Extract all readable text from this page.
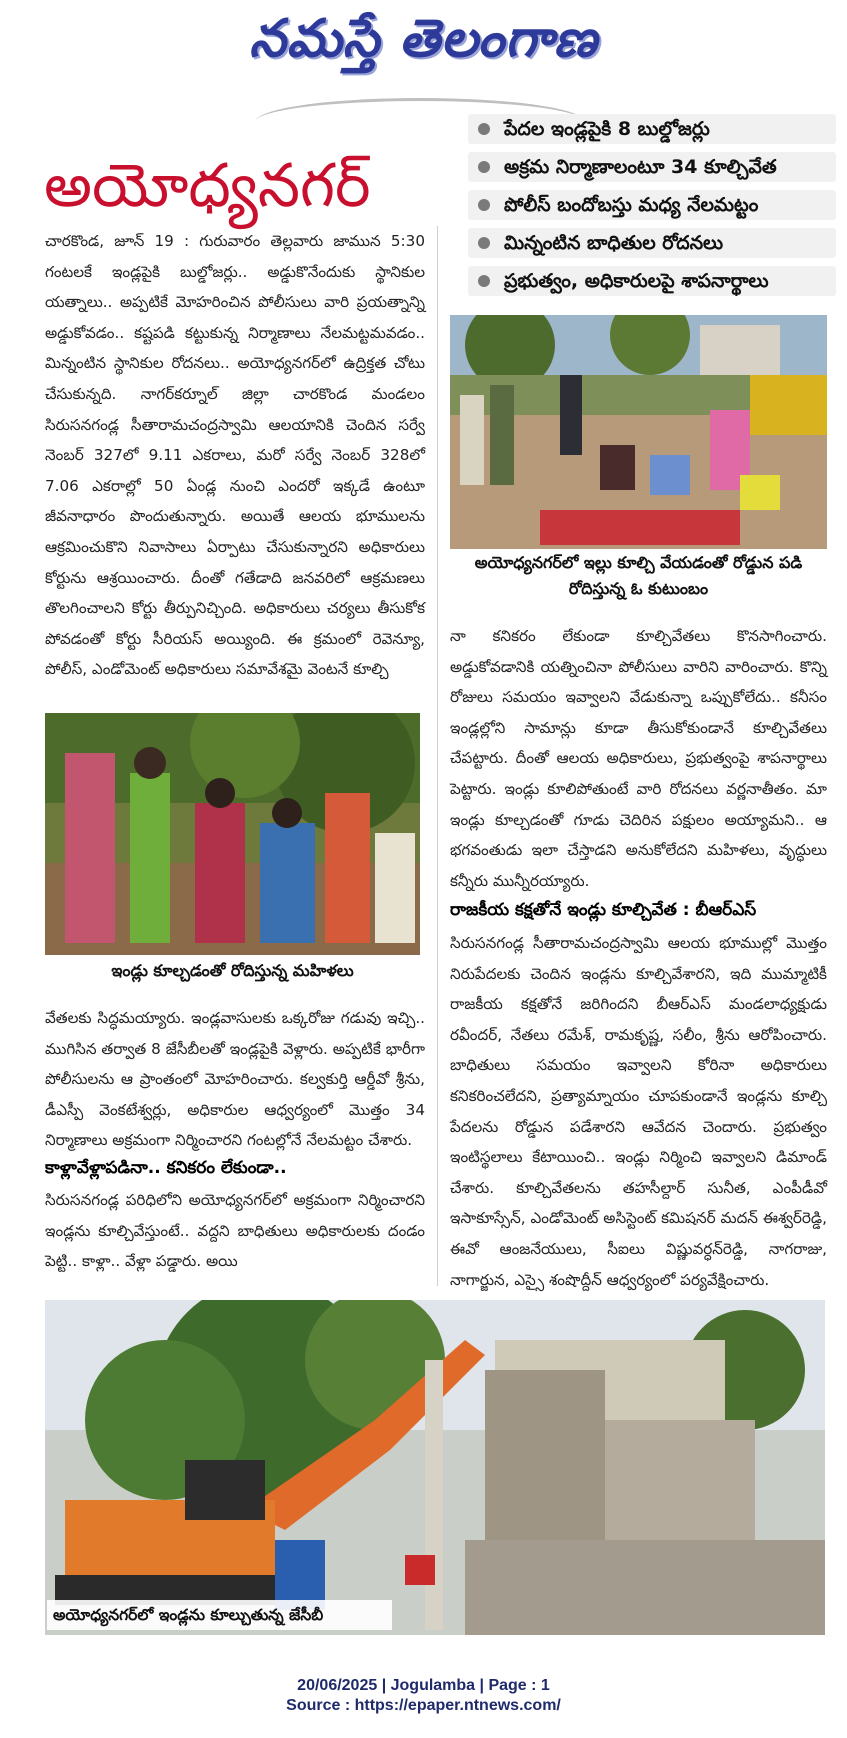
నమస్తే తెలంగాణ
అయోధ్యనగర్
పేదల ఇండ్లపైకి 8 బుల్డోజర్లు
అక్రమ నిర్మాణాలంటూ 34 కూల్చివేత
పోలీస్ బందోబస్తు మధ్య నేలమట్టం
మిన్నంటిన బాధితుల రోదనలు
ప్రభుత్వం, అధికారులపై శాపనార్థాలు

చారకొండ, జూన్ 19 : గురువారం తెల్లవారు జామున 5:30 గంటలకే ఇండ్లపైకి బుల్డోజర్లు.. అడ్డుకొనేందుకు స్థానికుల యత్నాలు.. అప్పటికే మోహరించిన పోలీసులు వారి ప్రయత్నాన్ని అడ్డుకోవడం.. కష్టపడి కట్టుకున్న నిర్మాణాలు నేలమట్టమవడం.. మిన్నంటిన స్థానికుల రోదనలు.. అయోధ్యనగర్‌లో ఉద్రిక్తత చోటు చేసుకున్నది. నాగర్‌కర్నూల్ జిల్లా చారకొండ మండలం సిరుసనగండ్ల సీతారామచంద్రస్వామి ఆలయానికి చెందిన సర్వే నెంబర్ 327లో 9.11 ఎకరాలు, మరో సర్వే నెంబర్ 328లో 7.06 ఎకరాల్లో 50 ఏండ్ల నుంచి ఎందరో ఇక్కడే ఉంటూ జీవనాధారం పొందుతున్నారు. అయితే ఆలయ భూములను ఆక్రమించుకొని నివాసాలు ఏర్పాటు చేసుకున్నారని అధికారులు కోర్టును ఆశ్రయించారు. దీంతో గతేడాది జనవరిలో ఆక్రమణలు తొలగించాలని కోర్టు తీర్పునిచ్చింది. అధికారులు చర్యలు తీసుకోక పోవడంతో కోర్టు సీరియస్ అయ్యింది. ఈ క్రమంలో రెవెన్యూ, పోలీస్, ఎండోమెంట్ అధికారులు సమావేశమై వెంటనే కూల్చి

ఇండ్లు కూల్చడంతో రోదిస్తున్న మహిళలు

వేతలకు సిద్ధమయ్యారు. ఇండ్లవాసులకు ఒక్కరోజు గడువు ఇచ్చి.. ముగిసిన తర్వాత 8 జేసీబీలతో ఇండ్లపైకి వెళ్లారు. అప్పటికే భారీగా పోలీసులను ఆ ప్రాంతంలో మోహరించారు. కల్వకుర్తి ఆర్డీవో శ్రీను, డీఎస్పీ వెంకటేశ్వర్లు, అధికారుల ఆధ్వర్యంలో మొత్తం 34 నిర్మాణాలు అక్రమంగా నిర్మించారని గంటల్లోనే నేలమట్టం చేశారు.

కాళ్లావేళ్లాపడినా.. కనికరం లేకుండా..

సిరుసనగండ్ల పరిధిలోని అయోధ్యనగర్‌లో అక్రమంగా నిర్మించారని ఇండ్లను కూల్చివేస్తుంటే.. వద్దని బాధితులు అధికారులకు దండం పెట్టి.. కాళ్లా.. వేళ్లా పడ్డారు. అయి

అయోధ్యనగర్‌లో ఇల్లు కూల్చి వేయడంతో రోడ్డున పడి రోదిస్తున్న ఓ కుటుంబం

నా కనికరం లేకుండా కూల్చివేతలు కొనసాగించారు. అడ్డుకోవడానికి యత్నించినా పోలీసులు వారిని వారించారు. కొన్ని రోజులు సమయం ఇవ్వాలని వేడుకున్నా ఒప్పుకోలేదు.. కనీసం ఇండ్లల్లోని సామాన్లు కూడా తీసుకోకుండానే కూల్చివేతలు చేపట్టారు. దీంతో ఆలయ అధికారులు, ప్రభుత్వంపై శాపనార్థాలు పెట్టారు. ఇండ్లు కూలిపోతుంటే వారి రోదనలు వర్ణనాతీతం. మా ఇండ్లు కూల్చడంతో గూడు చెదిరిన పక్షులం అయ్యామని.. ఆ భగవంతుడు ఇలా చేస్తాడని అనుకోలేదని మహిళలు, వృద్ధులు కన్నీరు మున్నీరయ్యారు.

రాజకీయ కక్షతోనే ఇండ్లు కూల్చివేత : బీఆర్‌ఎస్

సిరుసనగండ్ల సీతారామచంద్రస్వామి ఆలయ భూముల్లో మొత్తం నిరుపేదలకు చెందిన ఇండ్లను కూల్చివేశారని, ఇది ముమ్మాటికీ రాజకీయ కక్షతోనే జరిగిందని బీఆర్‌ఎస్ మండలాధ్యక్షుడు రవీందర్, నేతలు రమేశ్, రామకృష్ణ, సలీం, శ్రీను ఆరోపించారు. బాధితులు సమయం ఇవ్వాలని కోరినా అధికారులు కనికరించలేదని, ప్రత్యామ్నాయం చూపకుండానే ఇండ్లను కూల్చి పేదలను రోడ్డున పడేశారని ఆవేదన చెందారు. ప్రభుత్వం ఇంటిస్థలాలు కేటాయించి.. ఇండ్లు నిర్మించి ఇవ్వాలని డిమాండ్ చేశారు. కూల్చివేతలను తహసీల్దార్ సునీత, ఎంపీడీవో ఇసాకూస్సేన్, ఎండోమెంట్ అసిస్టెంట్ కమిషనర్ మదన్ ఈశ్వర్‌రెడ్డి, ఈవో ఆంజనేయులు, సీఐలు విష్ణువర్ధన్‌రెడ్డి, నాగరాజు, నాగార్జున, ఎస్సై శంషొద్దీన్ ఆధ్వర్యంలో పర్యవేక్షించారు.

అయోధ్యనగర్‌లో ఇండ్లను కూల్చుతున్న జేసీబీ
20/06/2025 | Jogulamba | Page : 1
Source : https://epaper.ntnews.com/
